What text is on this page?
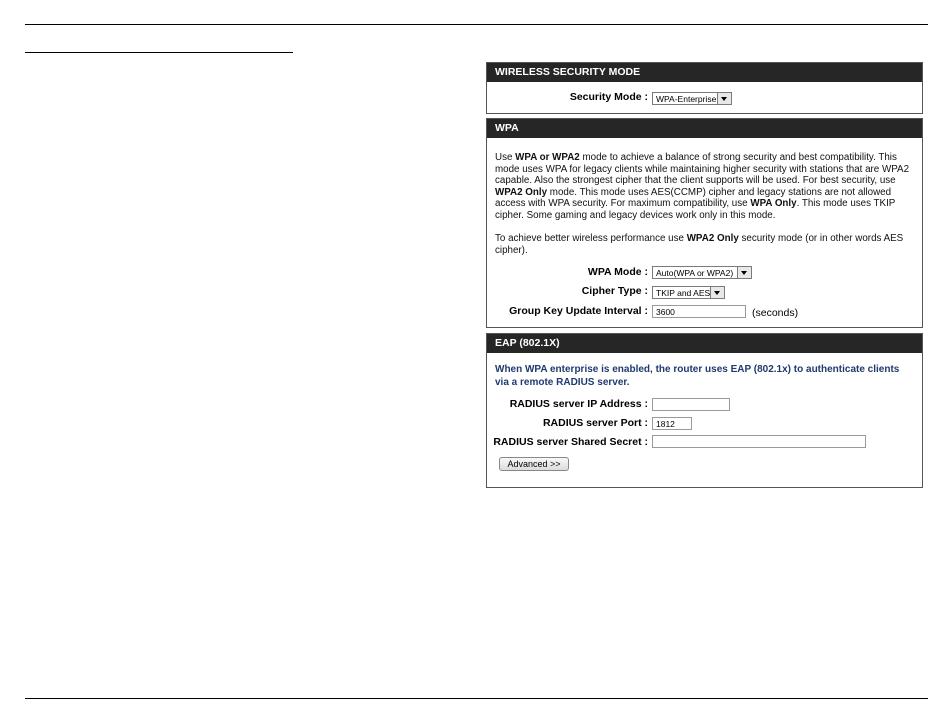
WIRELESS SECURITY MODE
Security Mode : WPA-Enterprise
WPA
Use WPA or WPA2 mode to achieve a balance of strong security and best compatibility. This mode uses WPA for legacy clients while maintaining higher security with stations that are WPA2 capable. Also the strongest cipher that the client supports will be used. For best security, use WPA2 Only mode. This mode uses AES(CCMP) cipher and legacy stations are not allowed access with WPA security. For maximum compatibility, use WPA Only. This mode uses TKIP cipher. Some gaming and legacy devices work only in this mode.
To achieve better wireless performance use WPA2 Only security mode (or in other words AES cipher).
WPA Mode : Auto(WPA or WPA2)
Cipher Type : TKIP and AES
Group Key Update Interval : 3600	(seconds)
EAP (802.1X)
When WPA enterprise is enabled, the router uses EAP (802.1x) to authenticate clients via a remote RADIUS server.
RADIUS server IP Address :
RADIUS server Port : 1812
RADIUS server Shared Secret :
Advanced >>
